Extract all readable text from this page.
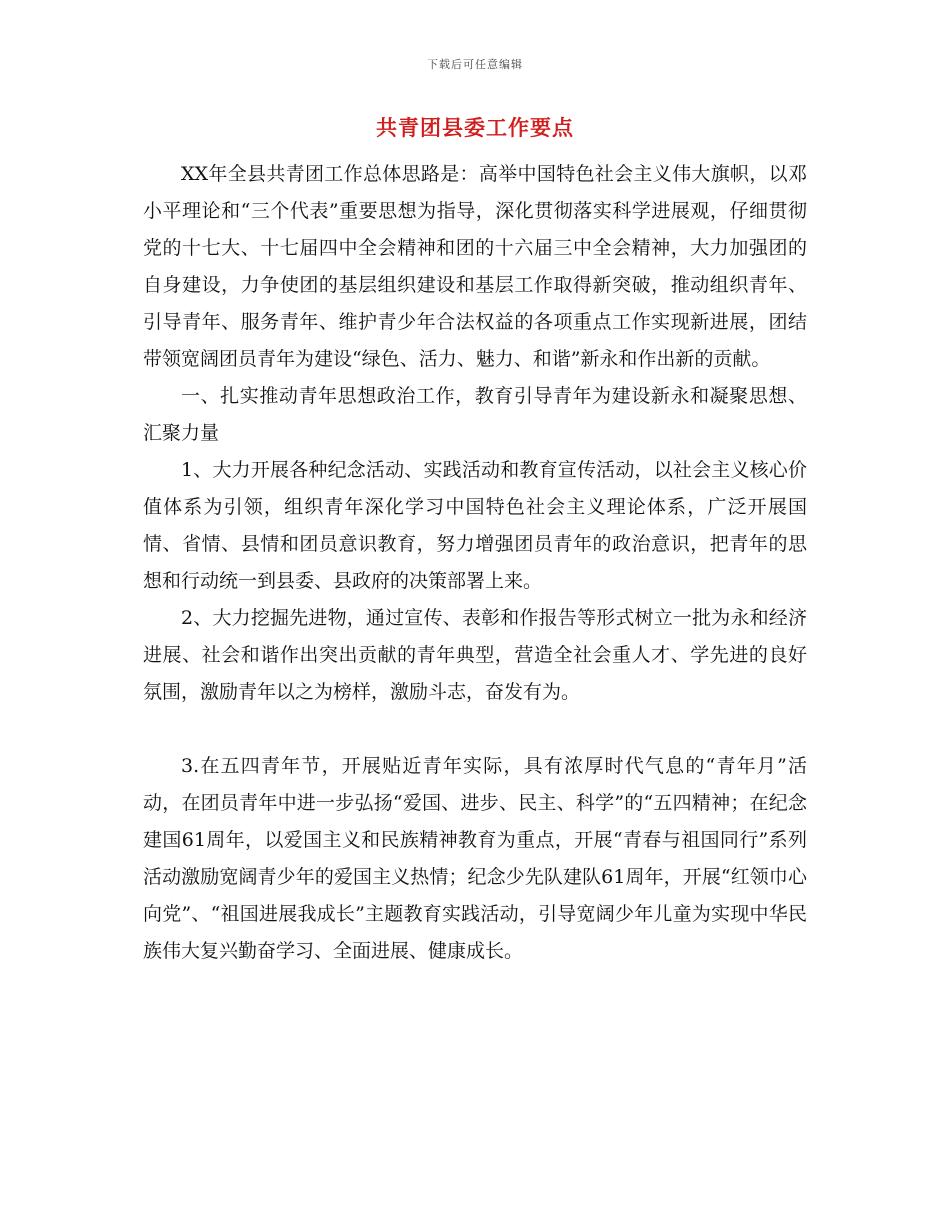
下载后可任意编辑
共青团县委工作要点

XX年全县共青团工作总体思路是：高举中国特色社会主义伟大旗帜，以邓小平理论和“三个代表”重要思想为指导，深化贯彻落实科学进展观，仔细贯彻党的十七大、十七届四中全会精神和团的十六届三中全会精神，大力加强团的自身建设，力争使团的基层组织建设和基层工作取得新突破，推动组织青年、引导青年、服务青年、维护青少年合法权益的各项重点工作实现新进展，团结带领宽阔团员青年为建设“绿色、活力、魅力、和谐”新永和作出新的贡献。

一、扎实推动青年思想政治工作，教育引导青年为建设新永和凝聚思想、汇聚力量

1、大力开展各种纪念活动、实践活动和教育宣传活动，以社会主义核心价值体系为引领，组织青年深化学习中国特色社会主义理论体系，广泛开展国情、省情、县情和团员意识教育，努力增强团员青年的政治意识，把青年的思想和行动统一到县委、县政府的决策部署上来。

2、大力挖掘先进物，通过宣传、表彰和作报告等形式树立一批为永和经济进展、社会和谐作出突出贡献的青年典型，营造全社会重人才、学先进的良好氛围，激励青年以之为榜样，激励斗志，奋发有为。

3.在五四青年节，开展贴近青年实际，具有浓厚时代气息的“青年月”活动，在团员青年中进一步弘扬“爱国、进步、民主、科学”的“五四精神；在纪念建国61周年，以爱国主义和民族精神教育为重点，开展“青春与祖国同行”系列活动激励宽阔青少年的爱国主义热情；纪念少先队建队61周年，开展“红领巾心向党”、“祖国进展我成长”主题教育实践活动，引导宽阔少年儿童为实现中华民族伟大复兴勤奋学习、全面进展、健康成长。
